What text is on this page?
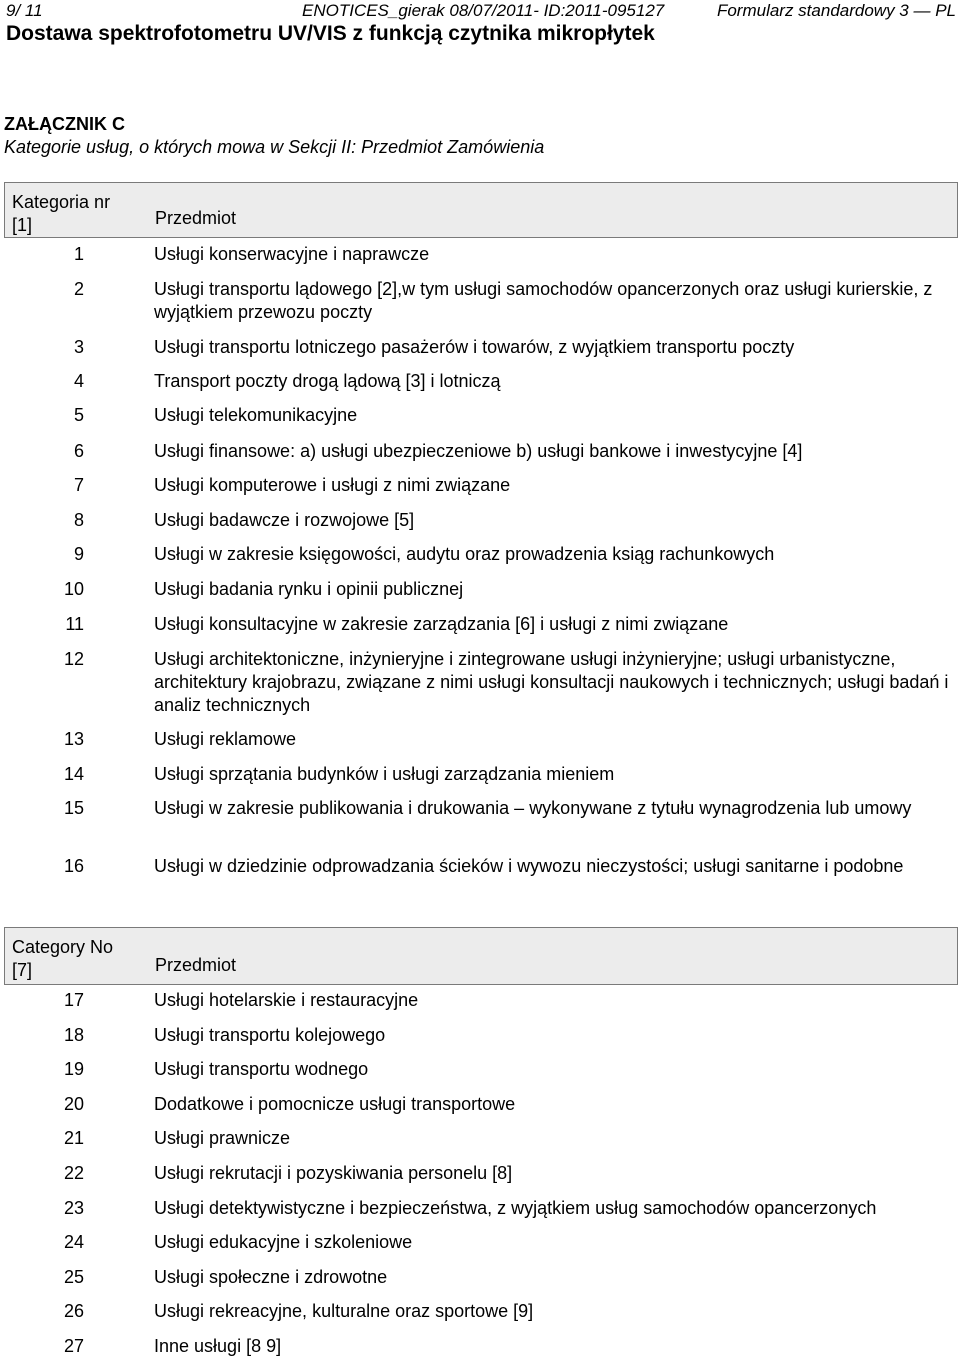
9/ 11	ENOTICES_gierak 08/07/2011- ID:2011-095127	Formularz standardowy 3 — PL
Dostawa spektrofotometru UV/VIS z funkcją czytnika mikropłytek
ZAŁĄCZNIK C
Kategorie usług, o których mowa w Sekcji II: Przedmiot Zamówienia
Kategoria nr
[1]	Przedmiot
1	Usługi konserwacyjne i naprawcze
2	Usługi transportu lądowego [2],w tym usługi samochodów opancerzonych oraz usługi kurierskie, z wyjątkiem przewozu poczty
3	Usługi transportu lotniczego pasażerów i towarów, z wyjątkiem transportu poczty
4	Transport poczty drogą lądową [3] i lotniczą
5	Usługi telekomunikacyjne
6	Usługi finansowe: a) usługi ubezpieczeniowe b) usługi bankowe i inwestycyjne [4]
7	Usługi komputerowe i usługi z nimi związane
8	Usługi badawcze i rozwojowe [5]
9	Usługi w zakresie księgowości, audytu oraz prowadzenia ksiąg rachunkowych
10	Usługi badania rynku i opinii publicznej
11	Usługi konsultacyjne w zakresie zarządzania [6] i usługi z nimi związane
12	Usługi architektoniczne, inżynieryjne i zintegrowane usługi inżynieryjne; usługi urbanistyczne, architektury krajobrazu, związane z nimi usługi konsultacji naukowych i technicznych; usługi badań i analiz technicznych
13	Usługi reklamowe
14	Usługi sprzątania budynków i usługi zarządzania mieniem
15	Usługi w zakresie publikowania i drukowania – wykonywane z tytułu wynagrodzenia lub umowy
16	Usługi w dziedzinie odprowadzania ścieków i wywozu nieczystości; usługi sanitarne i podobne
Category No
[7]	Przedmiot
17	Usługi hotelarskie i restauracyjne
18	Usługi transportu kolejowego
19	Usługi transportu wodnego
20	Dodatkowe i pomocnicze usługi transportowe
21	Usługi prawnicze
22	Usługi rekrutacji i pozyskiwania personelu [8]
23	Usługi detektywistyczne i bezpieczeństwa, z wyjątkiem usług samochodów opancerzonych
24	Usługi edukacyjne i szkoleniowe
25	Usługi społeczne i zdrowotne
26	Usługi rekreacyjne, kulturalne oraz sportowe [9]
27	Inne usługi [8 9]
